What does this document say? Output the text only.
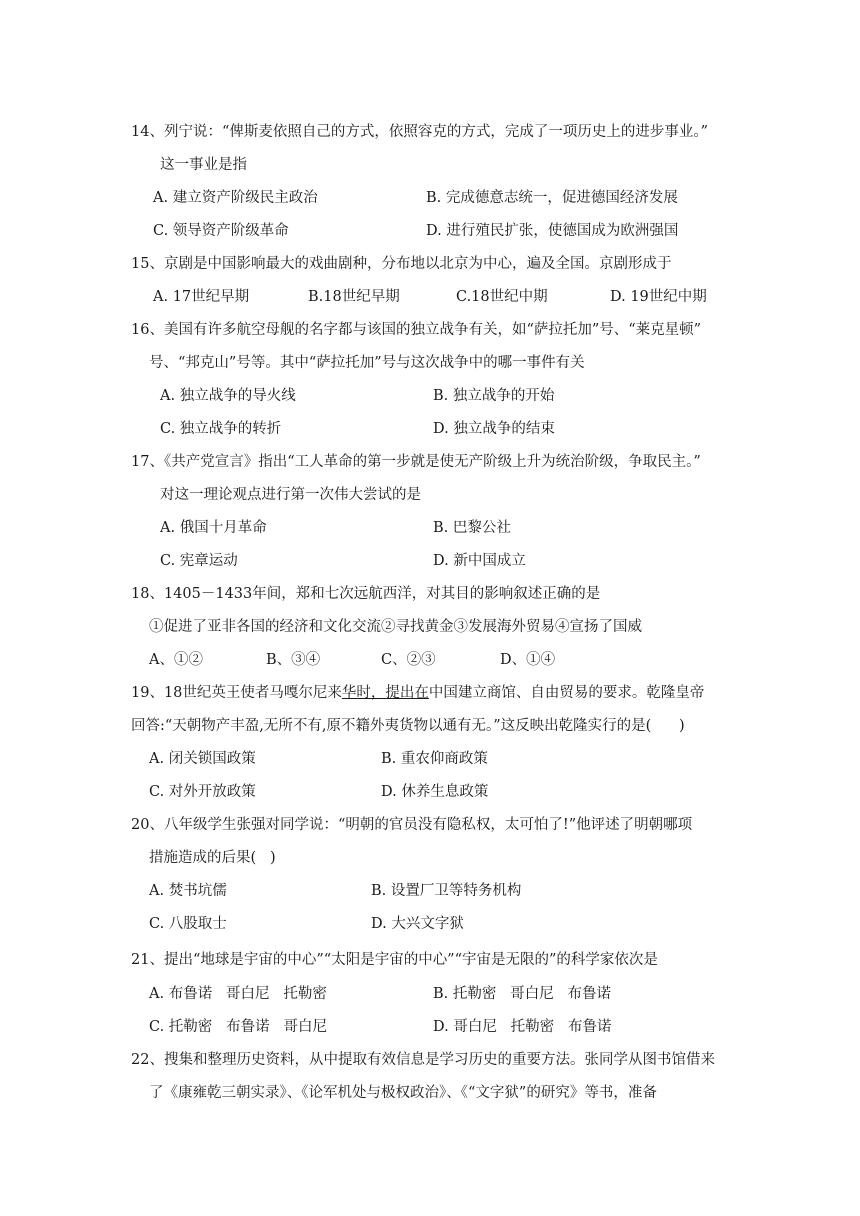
14、列宁说：“俾斯麦依照自己的方式，依照容克的方式，完成了一项历史上的进步事业。”
这一事业是指
A. 建立资产阶级民主政治	B. 完成德意志统一，促进德国经济发展
C. 领导资产阶级革命	D. 进行殖民扩张，使德国成为欧洲强国
15、京剧是中国影响最大的戏曲剧种，分布地以北京为中心，遍及全国。京剧形成于
A. 17世纪早期	B.18世纪早期	C.18世纪中期	D. 19世纪中期
16、美国有许多航空母舰的名字都与该国的独立战争有关，如“萨拉托加”号、“莱克星顿”
号、“邦克山”号等。其中“萨拉托加”号与这次战争中的哪一事件有关
A. 独立战争的导火线	B. 独立战争的开始
C. 独立战争的转折	D. 独立战争的结束
17、《共产党宣言》指出“工人革命的第一步就是使无产阶级上升为统治阶级，争取民主。”
对这一理论观点进行第一次伟大尝试的是
A. 俄国十月革命	B. 巴黎公社
C. 宪章运动	D. 新中国成立
18、1405－1433年间，郑和七次远航西洋，对其目的影响叙述正确的是
①促进了亚非各国的经济和文化交流②寻找黄金③发展海外贸易④宣扬了国威
A、①②	B、③④	C、②③	D、①④
19、18世纪英王使者马嘎尔尼来华时，提出在中国建立商馆、自由贸易的要求。乾隆皇帝
回答:“天朝物产丰盈,无所不有,原不籍外夷货物以通有无。”这反映出乾隆实行的是(      )
A. 闭关锁国政策	B. 重农仰商政策
C. 对外开放政策	D. 休养生息政策
20、八年级学生张强对同学说：“明朝的官员没有隐私权，太可怕了!”他评述了明朝哪项
措施造成的后果(   )
A. 焚书坑儒	B. 设置厂卫等特务机构
C. 八股取士	D. 大兴文字狱
21、提出“地球是宇宙的中心”“太阳是宇宙的中心”“宇宙是无限的”的科学家依次是
A. 布鲁诺   哥白尼   托勒密	B. 托勒密   哥白尼   布鲁诺
C. 托勒密   布鲁诺   哥白尼	D. 哥白尼   托勒密   布鲁诺
22、搜集和整理历史资料，从中提取有效信息是学习历史的重要方法。张同学从图书馆借来
了《康雍乾三朝实录》、《论军机处与极权政治》、《“文字狱”的研究》等书，准备
